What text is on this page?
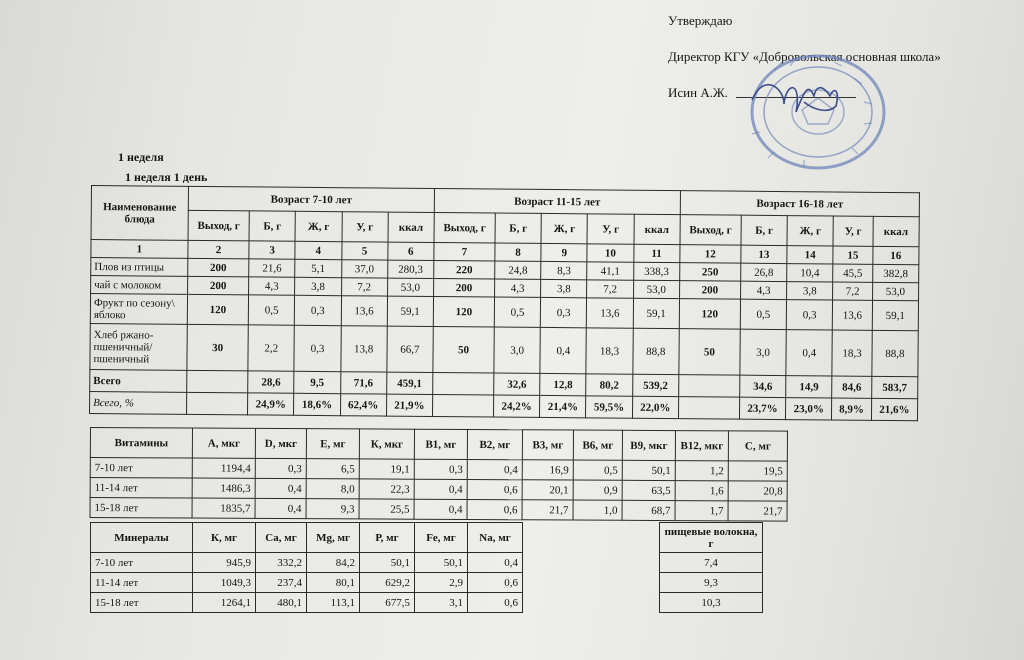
Утверждаю
Директор КГУ «Добровольская основная школа»
Исин А.Ж.
1 неделя
1 неделя 1 день
Наименование блюда	Возраст 7-10 лет					Возраст 11-15 лет					Возраст 16-18 лет				
	Выход, г	Б, г	Ж, г	У, г	ккал	Выход, г	Б, г	Ж, г	У, г	ккал	Выход, г	Б, г	Ж, г	У, г	ккал
1	2	3	4	5	6	7	8	9	10	11	12	13	14	15	16
Плов из птицы	200	21,6	5,1	37,0	280,3	220	24,8	8,3	41,1	338,3	250	26,8	10,4	45,5	382,8
чай с молоком	200	4,3	3,8	7,2	53,0	200	4,3	3,8	7,2	53,0	200	4,3	3,8	7,2	53,0
Фрукт по сезону\ яблоко	120	0,5	0,3	13,6	59,1	120	0,5	0,3	13,6	59,1	120	0,5	0,3	13,6	59,1
Хлеб ржано-пшеничный/ пшеничный	30	2,2	0,3	13,8	66,7	50	3,0	0,4	18,3	88,8	50	3,0	0,4	18,3	88,8
Всего		28,6	9,5	71,6	459,1		32,6	12,8	80,2	539,2		34,6	14,9	84,6	583,7
Всего, %		24,9%	18,6%	62,4%	21,9%		24,2%	21,4%	59,5%	22,0%		23,7%	23,0%	8,9%	21,6%
Витамины	А, мкг	D, мкг	Е, мг	К, мкг	В1, мг	В2, мг	В3, мг	В6, мг	В9, мкг	В12, мкг	С, мг
7-10 лет	1194,4	0,3	6,5	19,1	0,3	0,4	16,9	0,5	50,1	1,2	19,5
11-14 лет	1486,3	0,4	8,0	22,3	0,4	0,6	20,1	0,9	63,5	1,6	20,8
15-18 лет	1835,7	0,4	9,3	25,5	0,4	0,6	21,7	1,0	68,7	1,7	21,7
Минералы	К, мг	Са, мг	Mg, мг	Р, мг	Fe, мг	Na, мг		пищевые волокна, г
7-10 лет	945,9	332,2	84,2	50,1	50,1	0,4		7,4
11-14 лет	1049,3	237,4	80,1	629,2	2,9	0,6		9,3
15-18 лет	1264,1	480,1	113,1	677,5	3,1	0,6		10,3
